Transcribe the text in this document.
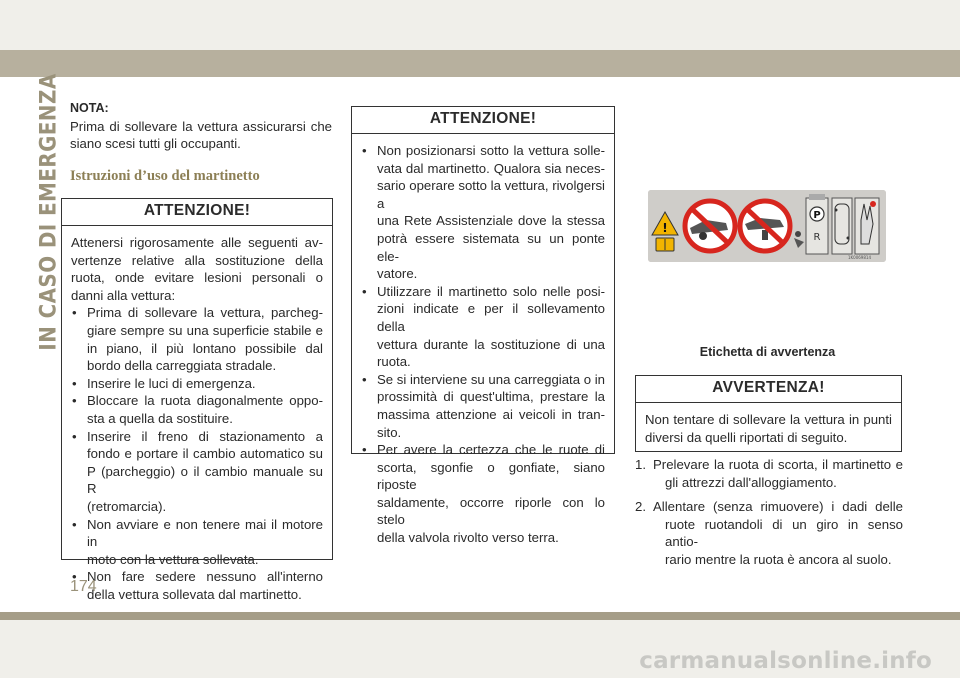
IN CASO DI EMERGENZA NOTA:
Prima di sollevare la vettura assicurarsi che
siano scesi tutti gli occupanti.
Istruzioni d’uso del martinetto
ATTENZIONE!
Attenersi rigorosamente alle seguenti av-
vertenze relative alla sostituzione della
ruota, onde evitare lesioni personali o
danni alla vettura:
• Prima di sollevare la vettura, parcheg-
giare sempre su una superficie stabile e
in piano, il più lontano possibile dal
bordo della carreggiata stradale.
• Inserire le luci di emergenza.
• Bloccare la ruota diagonalmente oppo-
sta a quella da sostituire.
• Inserire il freno di stazionamento a
fondo e portare il cambio automatico su
P (parcheggio) o il cambio manuale su R
(retromarcia).
• Non avviare e non tenere mai il motore in
moto con la vettura sollevata.
• Non fare sedere nessuno all'interno
della vettura sollevata dal martinetto.
ATTENZIONE!
• Non posizionarsi sotto la vettura solle-
vata dal martinetto. Qualora sia neces-
sario operare sotto la vettura, rivolgersi a
una Rete Assistenziale dove la stessa
potrà essere sistemata su un ponte ele-
vatore.
• Utilizzare il martinetto solo nelle posi-
zioni indicate e per il sollevamento della
vettura durante la sostituzione di una
ruota.
• Se si interviene su una carreggiata o in
prossimità di quest'ultima, prestare la
massima attenzione ai veicoli in tran-
sito.
• Per avere la certezza che le ruote di
scorta, sgonfie o gonfiate, siano riposte
saldamente, occorre riporle con lo stelo
della valvola rivolto verso terra.
!
P
R
1K0069814
Etichetta di avvertenza
AVVERTENZA!
Non tentare di sollevare la vettura in punti
diversi da quelli riportati di seguito.
1. Prelevare la ruota di scorta, il martinetto e
gli attrezzi dall'alloggiamento.
2. Allentare (senza rimuovere) i dadi delle
ruote ruotandoli di un giro in senso antio-
rario mentre la ruota è ancora al suolo.
174
carmanualsonline.info
